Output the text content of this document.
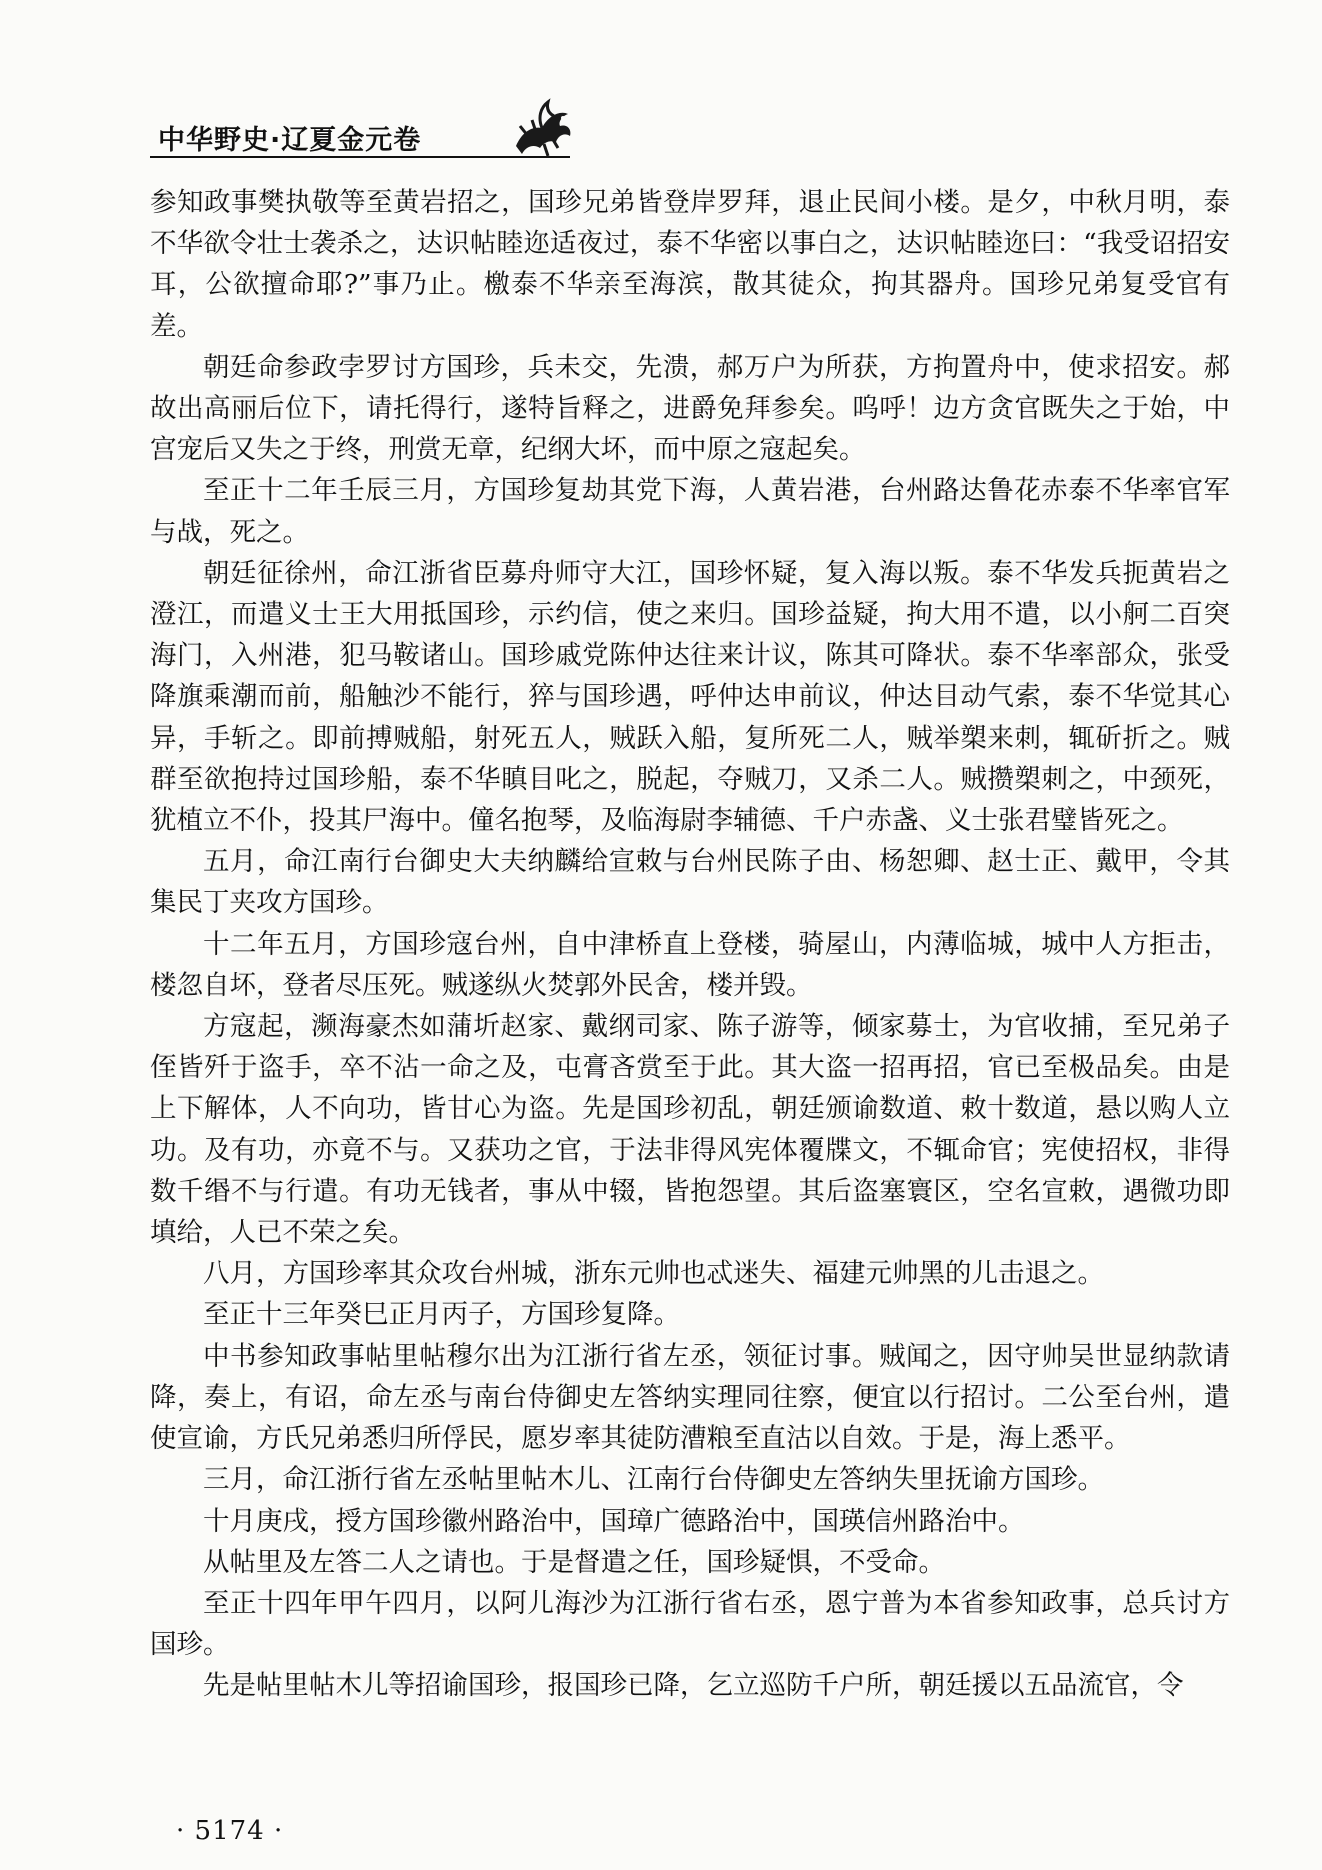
中华野史·辽夏金元卷

参知政事樊执敬等至黄岩招之，国珍兄弟皆登岸罗拜，退止民间小楼。是夕，中秋月明，泰不华欲令壮士袭杀之，达识帖睦迩适夜过，泰不华密以事白之，达识帖睦迩曰：“我受诏招安耳，公欲擅命耶?”事乃止。檄泰不华亲至海滨，散其徒众，拘其器舟。国珍兄弟复受官有差。

朝廷命参政孛罗讨方国珍，兵未交，先溃，郝万户为所获，方拘置舟中，使求招安。郝故出高丽后位下，请托得行，遂特旨释之，进爵免拜参矣。呜呼！边方贪官既失之于始，中宫宠后又失之于终，刑赏无章，纪纲大坏，而中原之寇起矣。

至正十二年壬辰三月，方国珍复劫其党下海，人黄岩港，台州路达鲁花赤泰不华率官军与战，死之。

朝廷征徐州，命江浙省臣募舟师守大江，国珍怀疑，复入海以叛。泰不华发兵扼黄岩之澄江，而遣义士王大用抵国珍，示约信，使之来归。国珍益疑，拘大用不遣，以小舸二百突海门，入州港，犯马鞍诸山。国珍戚党陈仲达往来计议，陈其可降状。泰不华率部众，张受降旗乘潮而前，船触沙不能行，猝与国珍遇，呼仲达申前议，仲达目动气索，泰不华觉其心异，手斩之。即前搏贼船，射死五人，贼跃入船，复所死二人，贼举槊来刺，辄斫折之。贼群至欲抱持过国珍船，泰不华瞋目叱之，脱起，夺贼刀，又杀二人。贼攒槊刺之，中颈死，犹植立不仆，投其尸海中。僮名抱琴，及临海尉李辅德、千户赤盏、义士张君璧皆死之。

五月，命江南行台御史大夫纳麟给宣敕与台州民陈子由、杨恕卿、赵士正、戴甲，令其集民丁夹攻方国珍。

十二年五月，方国珍寇台州，自中津桥直上登楼，骑屋山，内薄临城，城中人方拒击，楼忽自坏，登者尽压死。贼遂纵火焚郭外民舍，楼并毁。

方寇起，濒海豪杰如蒲圻赵家、戴纲司家、陈子游等，倾家募士，为官收捕，至兄弟子侄皆歼于盗手，卒不沾一命之及，屯膏吝赏至于此。其大盗一招再招，官已至极品矣。由是上下解体，人不向功，皆甘心为盗。先是国珍初乱，朝廷颁谕数道、敕十数道，悬以购人立功。及有功，亦竟不与。又获功之官，于法非得风宪体覆牒文，不辄命官；宪使招权，非得数千缗不与行遣。有功无钱者，事从中辍，皆抱怨望。其后盗塞寰区，空名宣敕，遇微功即填给，人已不荣之矣。

八月，方国珍率其众攻台州城，浙东元帅也忒迷失、福建元帅黑的儿击退之。

至正十三年癸巳正月丙子，方国珍复降。

中书参知政事帖里帖穆尔出为江浙行省左丞，领征讨事。贼闻之，因守帅吴世显纳款请降，奏上，有诏，命左丞与南台侍御史左答纳实理同往察，便宜以行招讨。二公至台州，遣使宣谕，方氏兄弟悉归所俘民，愿岁率其徒防漕粮至直沽以自效。于是，海上悉平。

三月，命江浙行省左丞帖里帖木儿、江南行台侍御史左答纳失里抚谕方国珍。

十月庚戌，授方国珍徽州路治中，国璋广德路治中，国瑛信州路治中。

从帖里及左答二人之请也。于是督遣之任，国珍疑惧，不受命。

至正十四年甲午四月，以阿儿海沙为江浙行省右丞，恩宁普为本省参知政事，总兵讨方国珍。

先是帖里帖木儿等招谕国珍，报国珍已降，乞立巡防千户所，朝廷援以五品流官，令

· 5174 ·
